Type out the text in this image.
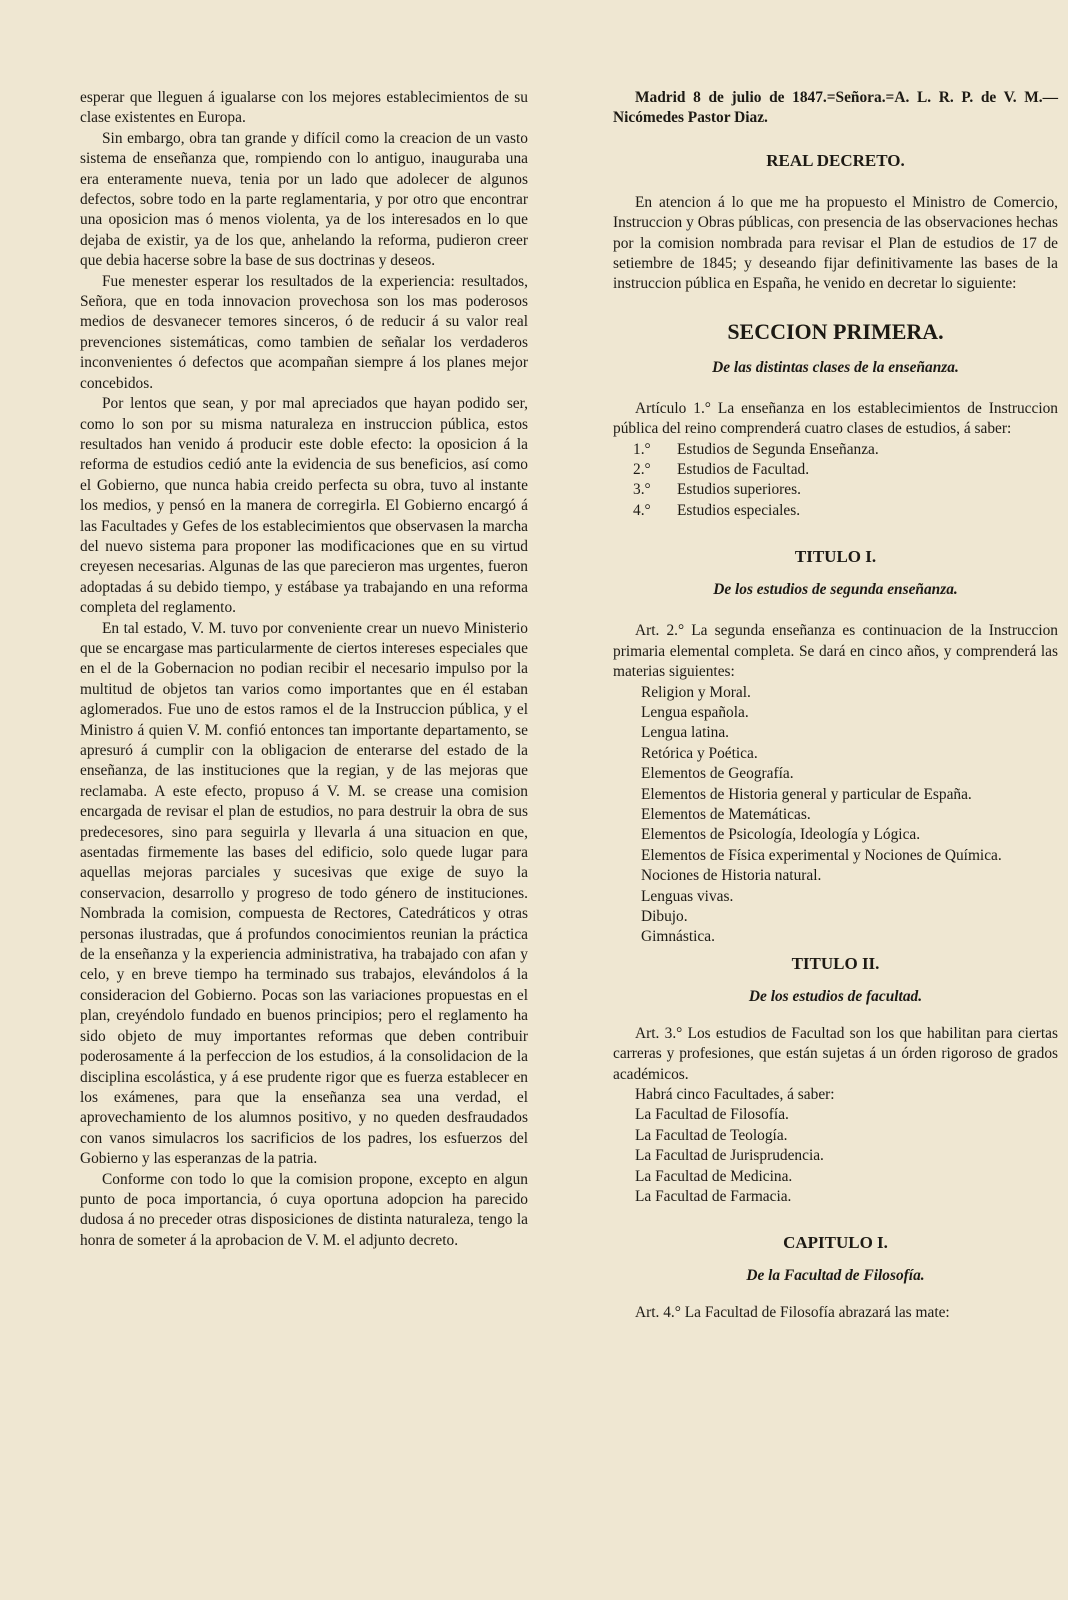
esperar que lleguen á igualarse con los mejores establecimientos de su clase existentes en Europa.

Sin embargo, obra tan grande y difícil como la creacion de un vasto sistema de enseñanza que, rompiendo con lo antiguo, inauguraba una era enteramente nueva, tenia por un lado que adolecer de algunos defectos, sobre todo en la parte reglamentaria, y por otro que encontrar una oposicion mas ó menos violenta, ya de los interesados en lo que dejaba de existir, ya de los que, anhelando la reforma, pudieron creer que debia hacerse sobre la base de sus doctrinas y deseos.

Fue menester esperar los resultados de la experiencia: resultados, Señora, que en toda innovacion provechosa son los mas poderosos medios de desvanecer temores sinceros, ó de reducir á su valor real prevenciones sistemáticas, como tambien de señalar los verdaderos inconvenientes ó defectos que acompañan siempre á los planes mejor concebidos.

Por lentos que sean, y por mal apreciados que hayan podido ser, como lo son por su misma naturaleza en instruccion pública, estos resultados han venido á producir este doble efecto: la oposicion á la reforma de estudios cedió ante la evidencia de sus beneficios, así como el Gobierno, que nunca habia creido perfecta su obra, tuvo al instante los medios, y pensó en la manera de corregirla. El Gobierno encargó á las Facultades y Gefes de los establecimientos que observasen la marcha del nuevo sistema para proponer las modificaciones que en su virtud creyesen necesarias. Algunas de las que parecieron mas urgentes, fueron adoptadas á su debido tiempo, y estábase ya trabajando en una reforma completa del reglamento.

En tal estado, V. M. tuvo por conveniente crear un nuevo Ministerio que se encargase mas particularmente de ciertos intereses especiales que en el de la Gobernacion no podian recibir el necesario impulso por la multitud de objetos tan varios como importantes que en él estaban aglomerados. Fue uno de estos ramos el de la Instruccion pública, y el Ministro á quien V. M. confió entonces tan importante departamento, se apresuró á cumplir con la obligacion de enterarse del estado de la enseñanza, de las instituciones que la regian, y de las mejoras que reclamaba. A este efecto, propuso á V. M. se crease una comision encargada de revisar el plan de estudios, no para destruir la obra de sus predecesores, sino para seguirla y llevarla á una situacion en que, asentadas firmemente las bases del edificio, solo quede lugar para aquellas mejoras parciales y sucesivas que exige de suyo la conservacion, desarrollo y progreso de todo género de instituciones. Nombrada la comision, compuesta de Rectores, Catedráticos y otras personas ilustradas, que á profundos conocimientos reunian la práctica de la enseñanza y la experiencia administrativa, ha trabajado con afan y celo, y en breve tiempo ha terminado sus trabajos, elevándolos á la consideracion del Gobierno. Pocas son las variaciones propuestas en el plan, creyéndolo fundado en buenos principios; pero el reglamento ha sido objeto de muy importantes reformas que deben contribuir poderosamente á la perfeccion de los estudios, á la consolidacion de la disciplina escolástica, y á ese prudente rigor que es fuerza establecer en los exámenes, para que la enseñanza sea una verdad, el aprovechamiento de los alumnos positivo, y no queden desfraudados con vanos simulacros los sacrificios de los padres, los esfuerzos del Gobierno y las esperanzas de la patria.

Conforme con todo lo que la comision propone, excepto en algun punto de poca importancia, ó cuya oportuna adopcion ha parecido dudosa á no preceder otras disposiciones de distinta naturaleza, tengo la honra de someter á la aprobacion de V. M. el adjunto decreto.

Madrid 8 de julio de 1847.=Señora.=A. L. R. P. de V. M.—Nicómedes Pastor Diaz.

REAL DECRETO.

En atencion á lo que me ha propuesto el Ministro de Comercio, Instruccion y Obras públicas, con presencia de las observaciones hechas por la comision nombrada para revisar el Plan de estudios de 17 de setiembre de 1845; y deseando fijar definitivamente las bases de la instruccion pública en España, he venido en decretar lo siguiente:

SECCION PRIMERA.
De las distintas clases de la enseñanza.

Artículo 1.° La enseñanza en los establecimientos de Instruccion pública del reino comprenderá cuatro clases de estudios, á saber:

1.° Estudios de Segunda Enseñanza.
2.° Estudios de Facultad.
3.° Estudios superiores.
4.° Estudios especiales.
TITULO I.
De los estudios de segunda enseñanza.

Art. 2.° La segunda enseñanza es continuacion de la Instruccion primaria elemental completa. Se dará en cinco años, y comprenderá las materias siguientes:

Religion y Moral.
Lengua española.
Lengua latina.
Retórica y Poética.
Elementos de Geografía.
Elementos de Historia general y particular de España.
Elementos de Matemáticas.
Elementos de Psicología, Ideología y Lógica.
Elementos de Física experimental y Nociones de Química.
Nociones de Historia natural.
Lenguas vivas.
Dibujo.
Gimnástica.
TITULO II.
De los estudios de facultad.

Art. 3.° Los estudios de Facultad son los que habilitan para ciertas carreras y profesiones, que están sujetas á un órden rigoroso de grados académicos.

Habrá cinco Facultades, á saber:

La Facultad de Filosofía.
La Facultad de Teología.
La Facultad de Jurisprudencia.
La Facultad de Medicina.
La Facultad de Farmacia.
CAPITULO I.
De la Facultad de Filosofía.

Art. 4.° La Facultad de Filosofía abrazará las mate:
